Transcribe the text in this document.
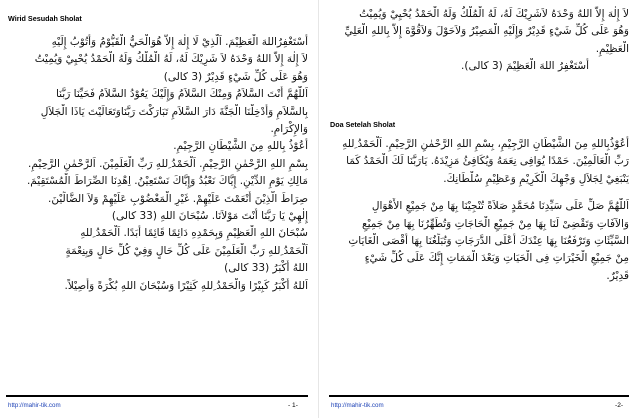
Wirid Sesudah Sholat
أَسْتَغْفِرُاللهَ الْعَظِيْمَ. اَلَّذِيْ لَا إِلٰهَ إِلاَّ هُوَالْحَيُّ الْقَيُّوْمُ وَأَتُوْبُ إِلَيْهِ
لاَ إِلٰهَ إِلاَّ اللهُ وَحْدَهُ لاَ شَرِيْكَ لَهُ، لَهُ الْمُلْكُ وَلَهُ الْحَمْدُ يُحْيِيْ وَيُمِيْتُ
وَهُوَ عَلَى كُلِّ شَيْءٍ قَدِيْرٌ (3 كالى)
اَللّٰهُمَّ أَنْتَ السَّلاَمُ وَمِنْكَ السَّلاَمُ وَإِلَيْكَ يَعُوْدُ السَّلاَمُ فَحَيِّنَا رَبَّنَا
بِالسَّلاَمِ وَأَدْخِلْنَا الْجَنَّةَ دَارَ السَّلاَمِ تَبَارَكْتَ رَبَّنَاوَتَعَالَيْتَ يَاذَا الْجَلاَلِ
وَالإِكْرَامِ.
أَعُوْذُ بِاللهِ مِنَ الشَّيْطَانِ الرَّجِيْمِ.
بِسْمِ اللهِ الرَّحْمٰنِ الرَّحِيْمِ. اَلْحَمْدُ ِللهِ رَبِّ الْعَلَمِيْنَ. اَلرَّحْمٰنِ الرَّحِيْمِ.
مَالِكِ يَوْمِ الدِّيْنِ. إِيَّاكَ نَعْبُدُ وَإِيَّاكَ نَسْتَعِيْنُ. اِهْدِنَا الصِّرَاطَ الْمُسْتَقِيْمَ.
صِرَاطَ الَّذِيْنَ أَنْعَمْتَ عَلَيْهِمْ. غَيْرِ الْمَغْضُوْبِ عَلَيْهِمْ وَلاَ الضَّالِّيْنَ.
إِلٰهِيْ يَا رَبَّنَا أَنْتَ مَوْلاَنَا. سُبْحَانَ اللهِ (33 كالى)
سُبْحَانَ اللهِ الْعَظِيْمِ وَبِحَمْدِهِ دَائِمًا قَائِمًا أَبَدًا. اَلْحَمْدُ ِللهِ
اَلْحَمْدُ ِللهِ رَبِّ الْعَلَمِيْنَ عَلَى كُلِّ حَالٍ وَفِيْ كُلِّ حَالٍ وَبِنِعْمَةٍ
اللهُ أَكْبَرُ (33 كالى)
اَللهُ أَكْبَرُ كَبِيْرًا وَالْحَمْدُ ِللهِ كَثِيْرًا وَسُبْحَانَ اللهِ بُكْرَةً وَأَصِيْلاً.
http://mahir-tik.com	- 1-
لاَ إِلٰهَ إِلاَّ اللهُ وَحْدَهُ لاَشَرِيْكَ لَهُ، لَهُ الْمُلْكُ وَلَهُ الْحَمْدُ يُحْيِيْ وَيُمِيْتُ
وَهُوَ عَلَى كُلِّ شَيْءٍ قَدِيْرٌ وَإِلَيْهِ الْمَصِيْرُ وَلاَحَوْلَ وَلاَقُوَّةَ إِلاَّ بِاللهِ الْعَلِيِّ
الْعَظِيْمِ.
أَسْتَغْفِرُ اللهَ الْعَظِيْمَ (3 كالى).
Doa Setelah Sholat
أَعُوْذُبِاللهِ مِنَ الشَّيْطَانِ الرَّجِيْمِ، بِسْمِ اللهِ الرَّحْمٰنِ الرَّحِيْمِ. اَلْحَمْدُ ِللهِ
رَبِّ الْعَالَمِيْنَ. حَمْدًا يُوَافِى نِعَمَهُ وَيُكَافِئُ مَزِيْدَهُ. يَارَبَّنَا لَكَ الْحَمْدُ كَمَا
يَنْبَغِيْ لِجَلاَلِ وَجْهِكَ الْكَرِيْمِ وَعَظِيْمِ سُلْطَانِكَ.
اَللّٰهُمَّ صَلِّ عَلَى سَيِّدِنَا مُحَمَّدٍ صَلاَةً تُنْجِيْنَا بِهَا مِنْ جَمِيْعِ الأَهْوَالِ
وَالآفَاتِ وَتَقْضِىْ لَنَا بِهَا مِنْ جَمِيْعِ الْحَاجَاتِ وَتُطَهِّرُنَا بِهَا مِنْ جَمِيْعِ
السَّيِّئَاتِ وَتَرْفَعُنَا بِهَا عِنْدَكَ أَعْلَى الدَّرَجَاتِ وَتُبَلِّغُنَا بِهَا أَقْصَى الْغَايَاتِ
مِنْ جَمِيْعِ الْخَيْرَاتِ فِى الْحَيَاتِ وَبَعْدَ الْمَمَاتِ إِنَّكَ عَلَى كُلِّ شَيْءٍ
قَدِيْرٌ.
http://mahir-tik.com	-2-
